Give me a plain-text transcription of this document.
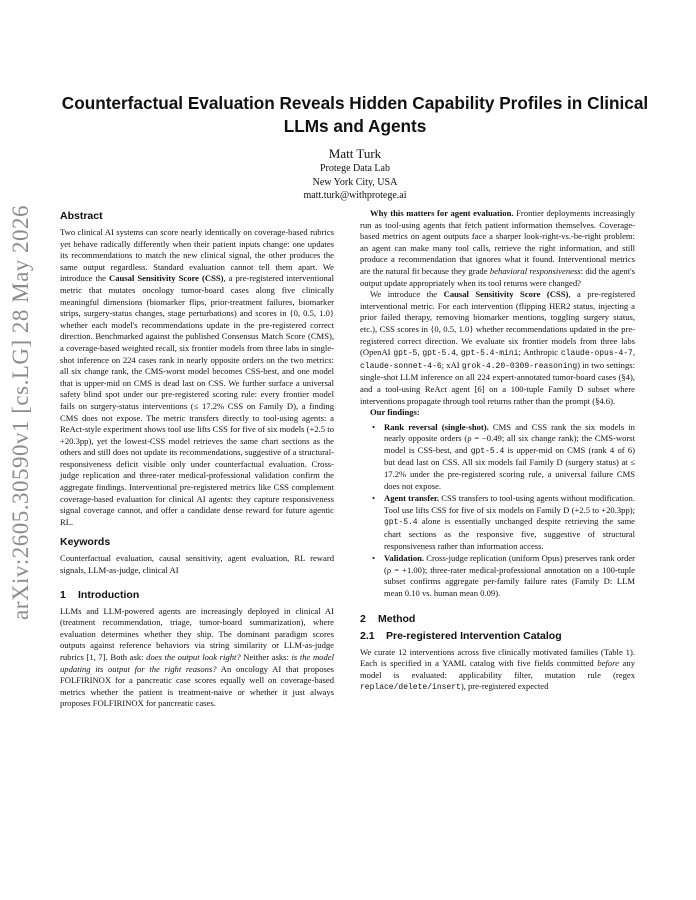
arXiv:2605.30590v1 [cs.LG] 28 May 2026
Counterfactual Evaluation Reveals Hidden Capability Profiles in Clinical LLMs and Agents
Matt Turk
Protege Data Lab
New York City, USA
matt.turk@withprotege.ai
Abstract

Two clinical AI systems can score nearly identically on coverage-based rubrics yet behave radically differently when their patient inputs change: one updates its recommendations to match the new clinical signal, the other produces the same output regardless. Standard evaluation cannot tell them apart. We introduce the Causal Sensitivity Score (CSS), a pre-registered interventional metric that mutates oncology tumor-board cases along five clinically meaningful dimensions (biomarker flips, prior-treatment failures, biomarker strips, surgery-status changes, stage perturbations) and scores in {0, 0.5, 1.0} whether each model's recommendations update in the pre-registered correct direction. Benchmarked against the published Consensus Match Score (CMS), a coverage-based weighted recall, six frontier models from three labs in single-shot inference on 224 cases rank in nearly opposite orders on the two metrics: all six change rank, the CMS-worst model becomes CSS-best, and one model that is upper-mid on CMS is dead last on CSS. We further surface a universal safety blind spot under our pre-registered scoring rule: every frontier model fails on surgery-status interventions (≤ 17.2% CSS on Family D), a finding CMS does not expose. The metric transfers directly to tool-using agents: a ReAct-style experiment shows tool use lifts CSS for five of six models (+2.5 to +20.3pp), yet the lowest-CSS model retrieves the same chart sections as the others and still does not update its recommendations, suggestive of a structural-responsiveness deficit visible only under counterfactual evaluation. Cross-judge replication and three-rater medical-professional validation confirm the aggregate findings. Interventional pre-registered metrics like CSS complement coverage-based evaluation for clinical AI agents: they capture responsiveness signal coverage cannot, and offer a candidate dense reward for future agentic RL.

Keywords

Counterfactual evaluation, causal sensitivity, agent evaluation, RL reward signals, LLM-as-judge, clinical AI

1 Introduction

LLMs and LLM-powered agents are increasingly deployed in clinical AI (treatment recommendation, triage, tumor-board summarization), where evaluation determines whether they ship. The dominant paradigm scores outputs against reference behaviors via string similarity or LLM-as-judge rubrics [1, 7]. Both ask: does the output look right? Neither asks: is the model updating its output for the right reasons? An oncology AI that proposes FOLFIRINOX for a pancreatic case scores equally well on coverage-based metrics whether the patient is treatment-naive or whether it just always proposes FOLFIRINOX for pancreatic cases.

Why this matters for agent evaluation. Frontier deployments increasingly run as tool-using agents that fetch patient information themselves. Coverage-based metrics on agent outputs face a sharper look-right-vs.-be-right problem: an agent can make many tool calls, retrieve the right information, and still produce a recommendation that ignores what it found. Interventional metrics are the natural fit because they grade behavioral responsiveness: did the agent's output update appropriately when its tool returns were changed?

We introduce the Causal Sensitivity Score (CSS), a pre-registered interventional metric. For each intervention (flipping HER2 status, injecting a prior failed therapy, removing biomarker mentions, toggling surgery status, etc.), CSS scores in {0, 0.5, 1.0} whether recommendations updated in the pre-registered correct direction. We evaluate six frontier models from three labs (OpenAI gpt-5, gpt-5.4, gpt-5.4-mini; Anthropic claude-opus-4-7, claude-sonnet-4-6; xAI grok-4.20-0309-reasoning) in two settings: single-shot LLM inference on all 224 expert-annotated tumor-board cases (§4), and a tool-using ReAct agent [6] on a 100-tuple Family D subset where interventions propagate through tool returns rather than the prompt (§4.6).

Our findings:

• Rank reversal (single-shot). CMS and CSS rank the six models in nearly opposite orders (ρ = −0.49; all six change rank); the CMS-worst model is CSS-best, and gpt-5.4 is upper-mid on CMS (rank 4 of 6) but dead last on CSS. All six models fail Family D (surgery status) at ≤ 17.2% under the pre-registered scoring rule, a universal failure CMS does not expose.
• Agent transfer. CSS transfers to tool-using agents without modification. Tool use lifts CSS for five of six models on Family D (+2.5 to +20.3pp); gpt-5.4 alone is essentially unchanged despite retrieving the same chart sections as the responsive five, suggestive of structural responsiveness rather than information access.
• Validation. Cross-judge replication (uniform Opus) preserves rank order (ρ = +1.00); three-rater medical-professional annotation on a 100-tuple subset confirms aggregate per-family failure rates (Family D: LLM mean 0.10 vs. human mean 0.09).
2 Method
2.1 Pre-registered Intervention Catalog

We curate 12 interventions across five clinically motivated families (Table 1). Each is specified in a YAML catalog with five fields committed before any model is evaluated: applicability filter, mutation rule (regex replace/delete/insert), pre-registered expected
